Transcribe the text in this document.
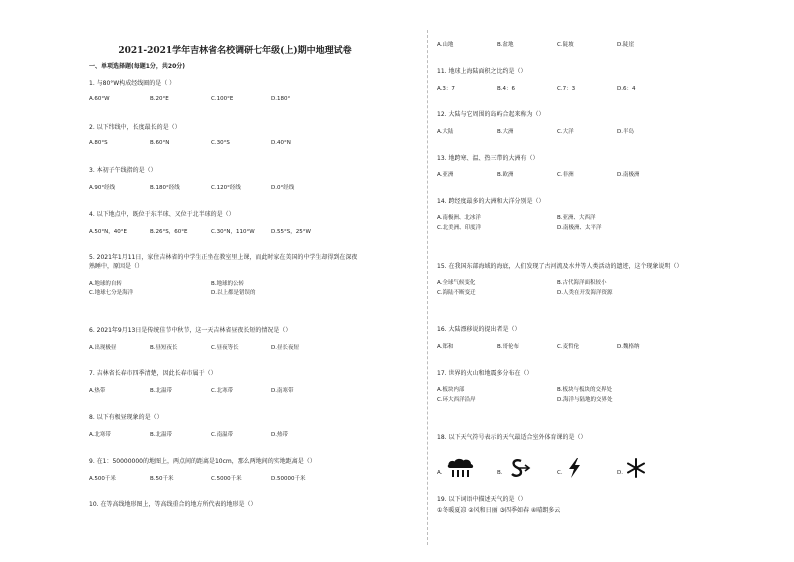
2021-2021学年吉林省名校调研七年级(上)期中地理试卷
一、单项选择题(每题1分，共20分)
1. 与80°W构成经线圈的是（ ）
A.60°W	B.20°E	C.100°E	D.180°
2. 以下纬线中，长度最长的是（）
A.80°S	B.60°N	C.30°S	D.40°N
3. 本初子午线指的是（）
A.90°经线	B.180°经线	C.120°经线	D.0°经线
4. 以下地点中，既位于东半球、又位于北半球的是（）
A.50°N，40°E	B.26°S，60°E	C.30°N，110°W	D.55°S，25°W
5. 2021年1月11日，家住吉林省的中学生正坐在教室里上课，而此时家在美国的中学生却得到在深夜
熟睡中，原因是（）
A.地球的自转	B.地球的公转
C.地球七分是海洋	D.以上都是错误的
6. 2021年9月13日是传统佳节中秋节，这一天吉林省昼夜长短的情况是（）
A.出现极昼	B.昼短夜长	C.昼夜等长	D.昼长夜短
7. 吉林省长春市四季清楚，因此长春市属于（）
A.热带	B.北温带	C.北寒带	D.南寒带
8. 以下有极昼现象的是（）
A.北寒带	B.北温带	C.南温带	D.热带
9. 在1：50000000的地图上，两点间的距离是10cm，那么两地间的实地距离是（）
A.500千米	B.50千米	C.5000千米	D.50000千米
10. 在等高线地形图上，等高线重合的地方所代表的地形是（）
A.山地	B.盆地	C.陡坡	D.陡崖
11. 地球上海陆面积之比约是（）
A.3：7	B.4：6	C.7：3	D.6：4
12. 大陆与它周围的岛屿合起来称为（）
A.大陆	B.大洲	C.大洋	D.半岛
13. 地跨寒、温、热三带的大洲有（）
A.亚洲	B.欧洲	C.非洲	D.南极洲
14. 跨经度最多的大洲和大洋分别是（）
A.南极洲、北冰洋	B.亚洲、大西洋
C.北美洲、印度洋	D.南极洲、太平洋
15. 在我国东部海域的海底，人们发现了古河流及水井等人类活动的遗迹，这个现象说明（）
A.全球气候变化	B.古代海洋面积较小
C.海陆不断变迁	D.人类在开发海洋资源
16. 大陆漂移说的提出者是（）
A.郑和	B.哥伦布	C.麦哲伦	D.魏格纳
17. 世界的火山和地震多分布在（）
A.板块内部	B.板块与板块的交界处
C.环大西洋沿岸	D.海洋与陆地的交界处
18. 以下天气符号表示的天气最适合室外体育课的是（）
A.	B.	C.	D.
19. 以下词语中描述天气的是（）
①冬暖夏凉 ②风和日丽 ③四季如春 ④晴朗多云
